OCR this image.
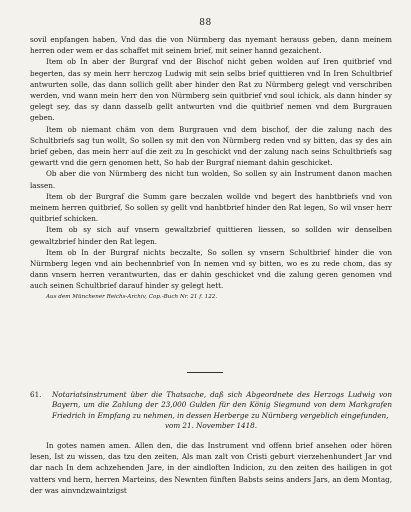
88

sovil enpfangen haben, Vnd das die von Nürmberg das nyemant herauss geben, dann meinem herren oder wem er das schaffet mit seinem brief, mit seiner hannd gezaichent.

Item ob In aber der Burgraf vnd der Bischof nicht geben wolden auf Iren quitbrief vnd begerten, das sy mein herr herczog Ludwig mit sein selbs brief quittieren vnd In Iren Schultbrief antwurten solle, das dann sollich gellt aber hinder den Rat zu Nürmberg gelegt vnd verschriben werden, vnd wann mein herr den von Nürmberg sein quitbrief vnd soul ichick, als dann hinder sy gelegt sey, das sy dann dasselb gellt antwurten vnd die quitbrief nemen vnd dem Burgrauen geben.

Item ob niemant chäm von dem Burgrauen vnd dem bischof, der die zalung nach des Schultbriefs sag tun wollt, So sollen sy mit den von Nürmberg reden vnd sy bitten, das sy des ain brief geben, das mein herr auf die zeit zu In geschickt vnd der zalung nach seins Schultbriefs sag gewartt vnd die gern genomen hett, So hab der Burgraf niemant dahin geschicket.

Ob aber die von Nürmberg des nicht tun wolden, So sollen sy ain Instrument danon machen lassen.

Item ob der Burgraf die Summ gare beczalen wollde vnd begert des hanbtbriefs vnd von meinem herren quitbrief, So sollen sy gellt vnd hanbtbrief hinder den Rat legen, So wil vnser herr quitbrief schicken.

Item ob sy sich auf vnsern gewaltzbrief quittieren liessen, so sollden wir denselben gewaltzbrief hinder den Rat legen.

Item ob In der Burgraf nichts beczalte, So sollen sy vnsern Schultbrief hinder die von Nürmberg legen vnd ain bechennbrief von In nemen vnd sy bitten, wo es zu rede chom, das sy dann vnsern herren verantwurten, das er dahin geschicket vnd die zalung geren genomen vnd auch seinen Schultbrief darauf hinder sy gelegt hett.

Aus dem Münchener Reichs-Archiv, Cop.-Buch Nr. 21 f. 122.

61. Notariatsinstrument über die Thatsache, daß sich Abgeordnete des Herzogs Ludwig von Bayern, um die Zahlung der 23,000 Gulden für den König Siegmund von dem Markgrafen Friedrich in Empfang zu nehmen, in dessen Herberge zu Nürnberg vergeblich eingefunden,
vom 21. November 1418.

In gotes namen amen. Allen den, die das Instrument vnd offenn brief ansehen oder hören lesen, Ist zu wissen, das tzu den zeiten, Als man zalt von Cristi geburt vierzehenhundert Jar vnd dar nach In dem achzehenden Jare, in der aindloften Indicion, zu den zeiten des hailigen in got vatters vnd hern, herren Marteins, des Newnten fünften Babsts seins anders Jars, an dem Montag, der was ainvndzwaintzigst
